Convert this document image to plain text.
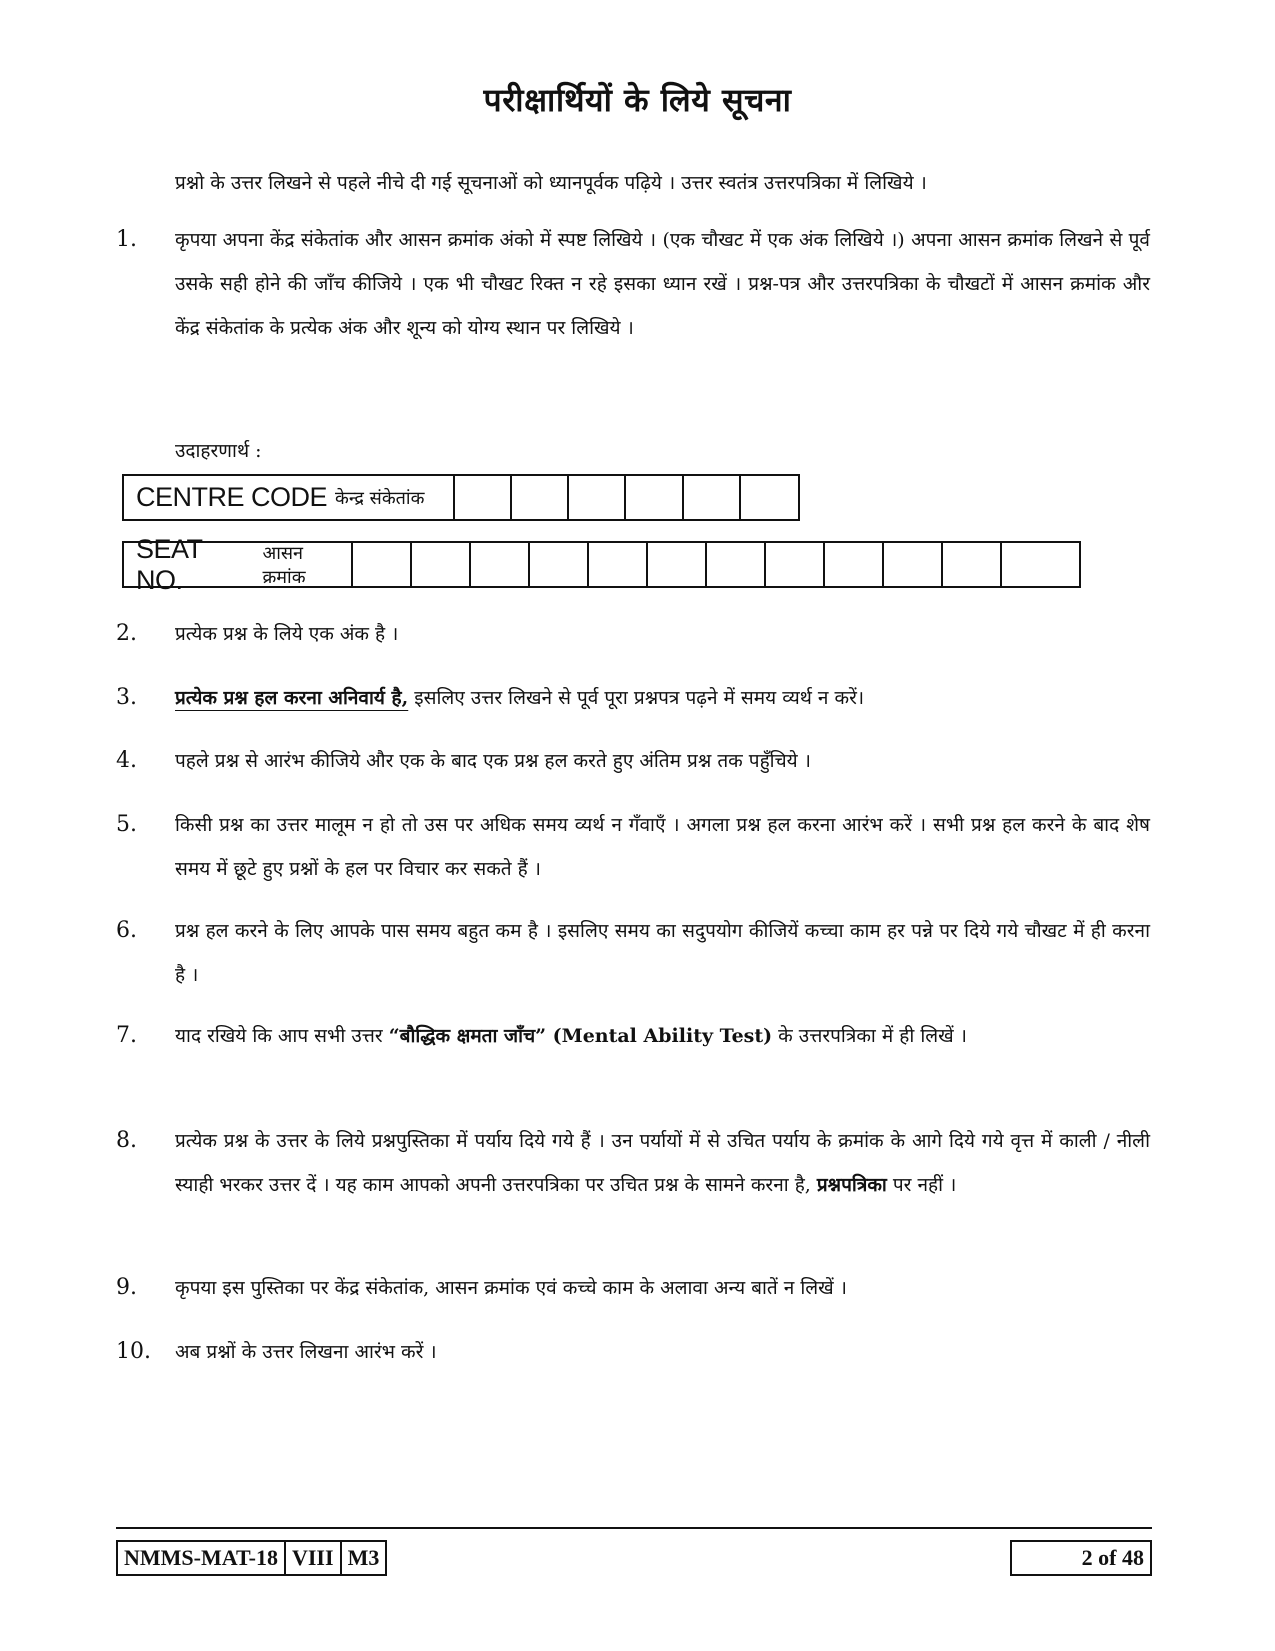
परीक्षार्थियों के लिये सूचना
प्रश्नो के उत्तर लिखने से पहले नीचे दी गई सूचनाओं को ध्यानपूर्वक पढ़िये । उत्तर स्वतंत्र उत्तरपत्रिका में लिखिये ।
1.	कृपया अपना केंद्र संकेतांक और आसन क्रमांक अंको में स्पष्ट लिखिये । (एक चौखट में एक अंक लिखिये ।) अपना आसन क्रमांक लिखने से पूर्व उसके सही होने की जाँच कीजिये । एक भी चौखट रिक्त न रहे इसका ध्यान रखें । प्रश्न-पत्र और उत्तरपत्रिका के चौखटों में आसन क्रमांक और केंद्र संकेतांक के प्रत्येक अंक और शून्य को योग्य स्थान पर लिखिये ।
उदाहरणार्थ :
CENTRE CODE केन्द्र संकेतांक
SEAT NO.
आसन क्रमांक
2.	प्रत्येक प्रश्न के लिये एक अंक है ।
3.	प्रत्येक प्रश्न हल करना अनिवार्य है, इसलिए उत्तर लिखने से पूर्व पूरा प्रश्नपत्र पढ़ने में समय व्यर्थ न करें।
4.	पहले प्रश्न से आरंभ कीजिये और एक के बाद एक प्रश्न हल करते हुए अंतिम प्रश्न तक पहुँचिये ।
5.	किसी प्रश्न का उत्तर मालूम न हो तो उस पर अधिक समय व्यर्थ न गँवाएँ । अगला प्रश्न हल करना आरंभ करें । सभी प्रश्न हल करने के बाद शेष समय में छूटे हुए प्रश्नों के हल पर विचार कर सकते हैं ।
6.	प्रश्न हल करने के लिए आपके पास समय बहुत कम है । इसलिए समय का सदुपयोग कीजियें कच्चा काम हर पन्ने पर दिये गये चौखट में ही करना है ।
7.	याद रखिये कि आप सभी उत्तर “बौद्धिक क्षमता जाँच” (Mental Ability Test) के उत्तरपत्रिका में ही लिखें ।
8.	प्रत्येक प्रश्न के उत्तर के लिये प्रश्नपुस्तिका में पर्याय दिये गये हैं । उन पर्यायों में से उचित पर्याय के क्रमांक के आगे दिये गये वृत्त में काली / नीली स्याही भरकर उत्तर दें । यह काम आपको अपनी उत्तरपत्रिका पर उचित प्रश्न के सामने करना है, प्रश्नपत्रिका पर नहीं ।
9.	कृपया इस पुस्तिका पर केंद्र संकेतांक, आसन क्रमांक एवं कच्चे काम के अलावा अन्य बातें न लिखें ।
10.	अब प्रश्नों के उत्तर लिखना आरंभ करें ।
NMMS-MAT-18 VIII M3	2 of 48
